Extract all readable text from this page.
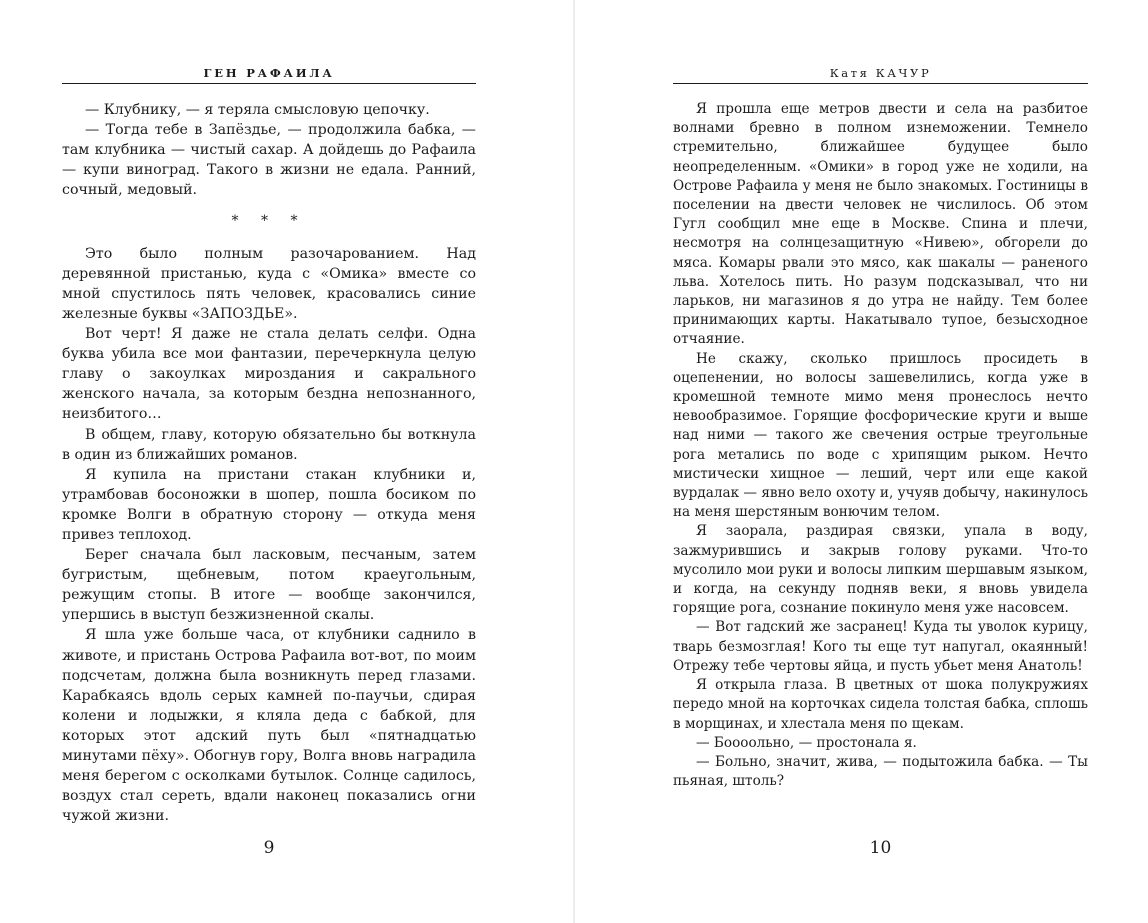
ГЕН РАФАИЛА

— Клубнику, — я теряла смысловую цепочку.

— Тогда тебе в Запёздье, — продолжила бабка, — там клубника — чистый сахар. А дойдешь до Рафаила — купи виноград. Такого в жизни не едала. Ранний, сочный, медовый.

* * *

Это было полным разочарованием. Над деревянной пристанью, куда с «Омика» вместе со мной спустилось пять человек, красовались синие железные буквы «ЗАПОЗДЬЕ».

Вот черт! Я даже не стала делать селфи. Одна буква убила все мои фантазии, перечеркнула целую главу о закоулках мироздания и сакрального женского начала, за которым бездна непознанного, неизбитого…

В общем, главу, которую обязательно бы воткнула в один из ближайших романов.

Я купила на пристани стакан клубники и, утрамбовав босоножки в шопер, пошла босиком по кромке Волги в обратную сторону — откуда меня привез теплоход.

Берег сначала был ласковым, песчаным, затем бугристым, щебневым, потом краеугольным, режущим стопы. В итоге — вообще закончился, упершись в выступ безжизненной скалы.

Я шла уже больше часа, от клубники саднило в животе, и пристань Острова Рафаила вот-вот, по моим подсчетам, должна была возникнуть перед глазами. Карабкаясь вдоль серых камней по-паучьи, сдирая колени и лодыжки, я кляла деда с бабкой, для которых этот адский путь был «пятнадцатью минутами пёху». Обогнув гору, Волга вновь наградила меня берегом с осколками бутылок. Солнце садилось, воздух стал сереть, вдали наконец показались огни чужой жизни.

9
Катя КАЧУР

Я прошла еще метров двести и села на разбитое волнами бревно в полном изнеможении. Темнело стремительно, ближайшее будущее было неопределенным. «Омики» в город уже не ходили, на Острове Рафаила у меня не было знакомых. Гостиницы в поселении на двести человек не числилось. Об этом Гугл сообщил мне еще в Москве. Спина и плечи, несмотря на солнцезащитную «Нивею», обгорели до мяса. Комары рвали это мясо, как шакалы — раненого льва. Хотелось пить. Но разум подсказывал, что ни ларьков, ни магазинов я до утра не найду. Тем более принимающих карты. Накатывало тупое, безысходное отчаяние.

Не скажу, сколько пришлось просидеть в оцепенении, но волосы зашевелились, когда уже в кромешной темноте мимо меня пронеслось нечто невообразимое. Горящие фосфорические круги и выше над ними — такого же свечения острые треугольные рога метались по воде с хрипящим рыком. Нечто мистически хищное — леший, черт или еще какой вурдалак — явно вело охоту и, учуяв добычу, накинулось на меня шерстяным вонючим телом.

Я заорала, раздирая связки, упала в воду, зажмурившись и закрыв голову руками. Что-то мусолило мои руки и волосы липким шершавым языком, и когда, на секунду подняв веки, я вновь увидела горящие рога, сознание покинуло меня уже насовсем.

— Вот гадский же засранец! Куда ты уволок курицу, тварь безмозглая! Кого ты еще тут напугал, окаянный! Отрежу тебе чертовы яйца, и пусть убьет меня Анатоль!

Я открыла глаза. В цветных от шока полукружиях передо мной на корточках сидела толстая бабка, сплошь в морщинах, и хлестала меня по щекам.

— Боооольно, — простонала я.

— Больно, значит, жива, — подытожила бабка. — Ты пьяная, штоль?

10
